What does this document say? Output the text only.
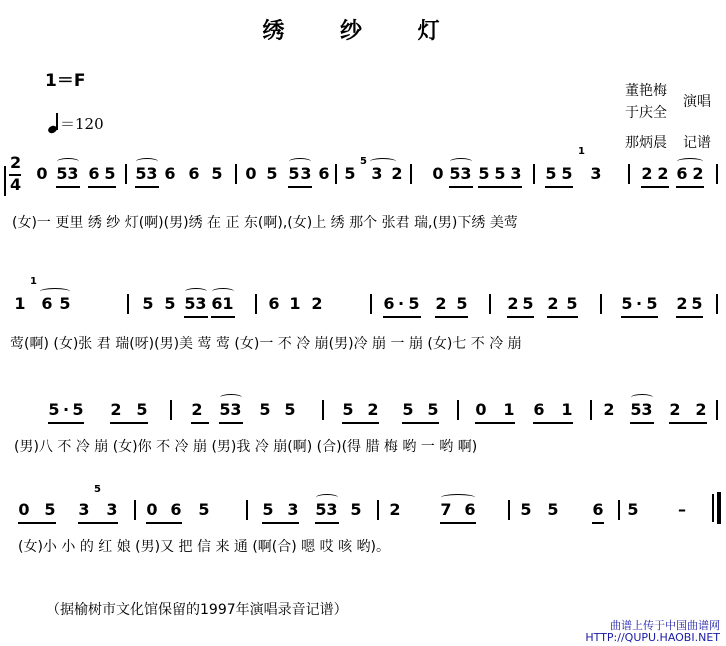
绣 纱 灯
1＝F
＝120
董艳梅
于庆全
演唱
那炳晨 记谱
2
4
0 5 3 6 5 5 3 6 6 5 0 5 5 3 6 5
5
3 2 0 5 3 5 5 3 5 5
1
3 2 2 6 2
(女)一 更里 绣 纱 灯(啊)(男)绣 在 正 东(啊),(女)上 绣 那个 张君 瑞,(男)下绣 美莺
1
1
6 5	5 5 5 3 6 1 6 1 2	6 5
· 2 5 2 5 2 5	5 · 5 2 5
莺(啊) (女)张 君 瑞(呀)(男)美 莺 莺 (女)一 不 冷 崩(男)冷 崩 一 崩 (女)七 不 冷 崩
5 · 5 2 5	2 5 3 5 5	5 2 5 5 0 1 6 1 2 5 3 2 2
(男)八 不 冷 崩 (女)你 不 冷 崩 (男)我 冷 崩(啊) (合)(得 腊 梅 哟 一 哟 啊)
0 5 3
5
3 0 6 5	5 3 5 3 5 2 7 6	5 5 6 5 –
(女)小 小 的 红 娘 (男)又 把 信 来 通 (啊(合) 嗯 哎 咳 哟)。
（据榆树市文化馆保留的1997年演唱录音记谱）
曲谱上传于中国曲谱网
HTTP://QUPU.HAOBI.NET
